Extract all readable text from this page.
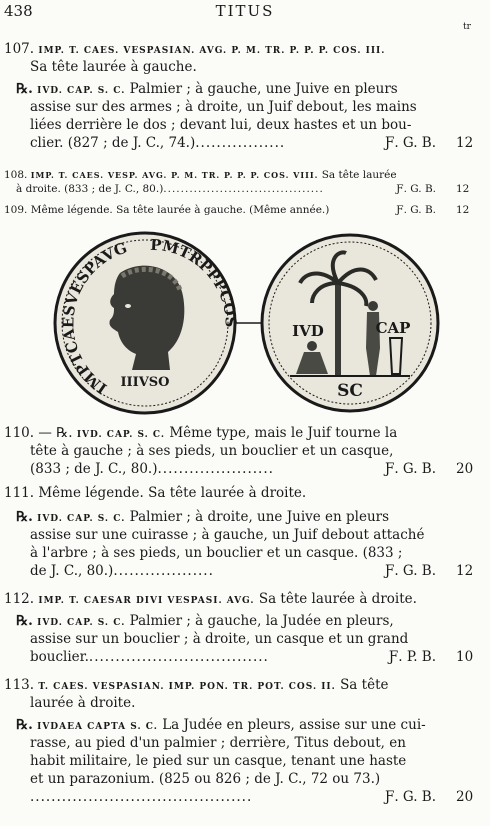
438	TITUS
tr
107. IMP. T. CAES. VESPASIAN. AVG. P. M. TR. P. P. P. COS. III.
Sa tête laurée à gauche.
℞. IVD. CAP. S. C. Palmier ; à gauche, une Juive en pleurs
assise sur des armes ; à droite, un Juif debout, les mains
liées derrière le dos ; devant lui, deux hastes et un bou-
clier. (827 ; de J. C., 74.).................	Ƒ. G. B. 12
108. IMP. T. CAES. VESP. AVG. P. M. TR. P. P. P. COS. VIII. Sa tête laurée
à droite. (833 ; de J. C., 80.).....................................	Ƒ. G. B. 12
109. Même légende. Sa tête laurée à gauche. (Même année.)	Ƒ. G. B. 12
IMPTCAESVESPAVG PMTRPPPCOS
IIIVSO
IVD	CAP
SC
110. — ℞. IVD. CAP. S. C. Même type, mais le Juif tourne la
tête à gauche ; à ses pieds, un bouclier et un casque,
(833 ; de J. C., 80.)......................	Ƒ. G. B. 20
111. Même légende. Sa tête laurée à droite.
℞. IVD. CAP. S. C. Palmier ; à droite, une Juive en pleurs
assise sur une cuirasse ; à gauche, un Juif debout attaché
à l'arbre ; à ses pieds, un bouclier et un casque. (833 ;
de J. C., 80.)...................	Ƒ. G. B. 12
112. IMP. T. CAESAR DIVI VESPASI. AVG. Sa tête laurée à droite.
℞. IVD. CAP. S. C. Palmier ; à gauche, la Judée en pleurs,
assise sur un bouclier ; à droite, un casque et un grand
bouclier...................................	Ƒ. P. B. 10
113. T. CAES. VESPASIAN. IMP. PON. TR. POT. COS. II. Sa tête
laurée à droite.
℞. IVDAEA CAPTA S. C. La Judée en pleurs, assise sur une cui-
rasse, au pied d'un palmier ; derrière, Titus debout, en
habit militaire, le pied sur un casque, tenant une haste
et un parazonium. (825 ou 826 ; de J. C., 72 ou 73.)
..........................................	Ƒ. G. B. 20
